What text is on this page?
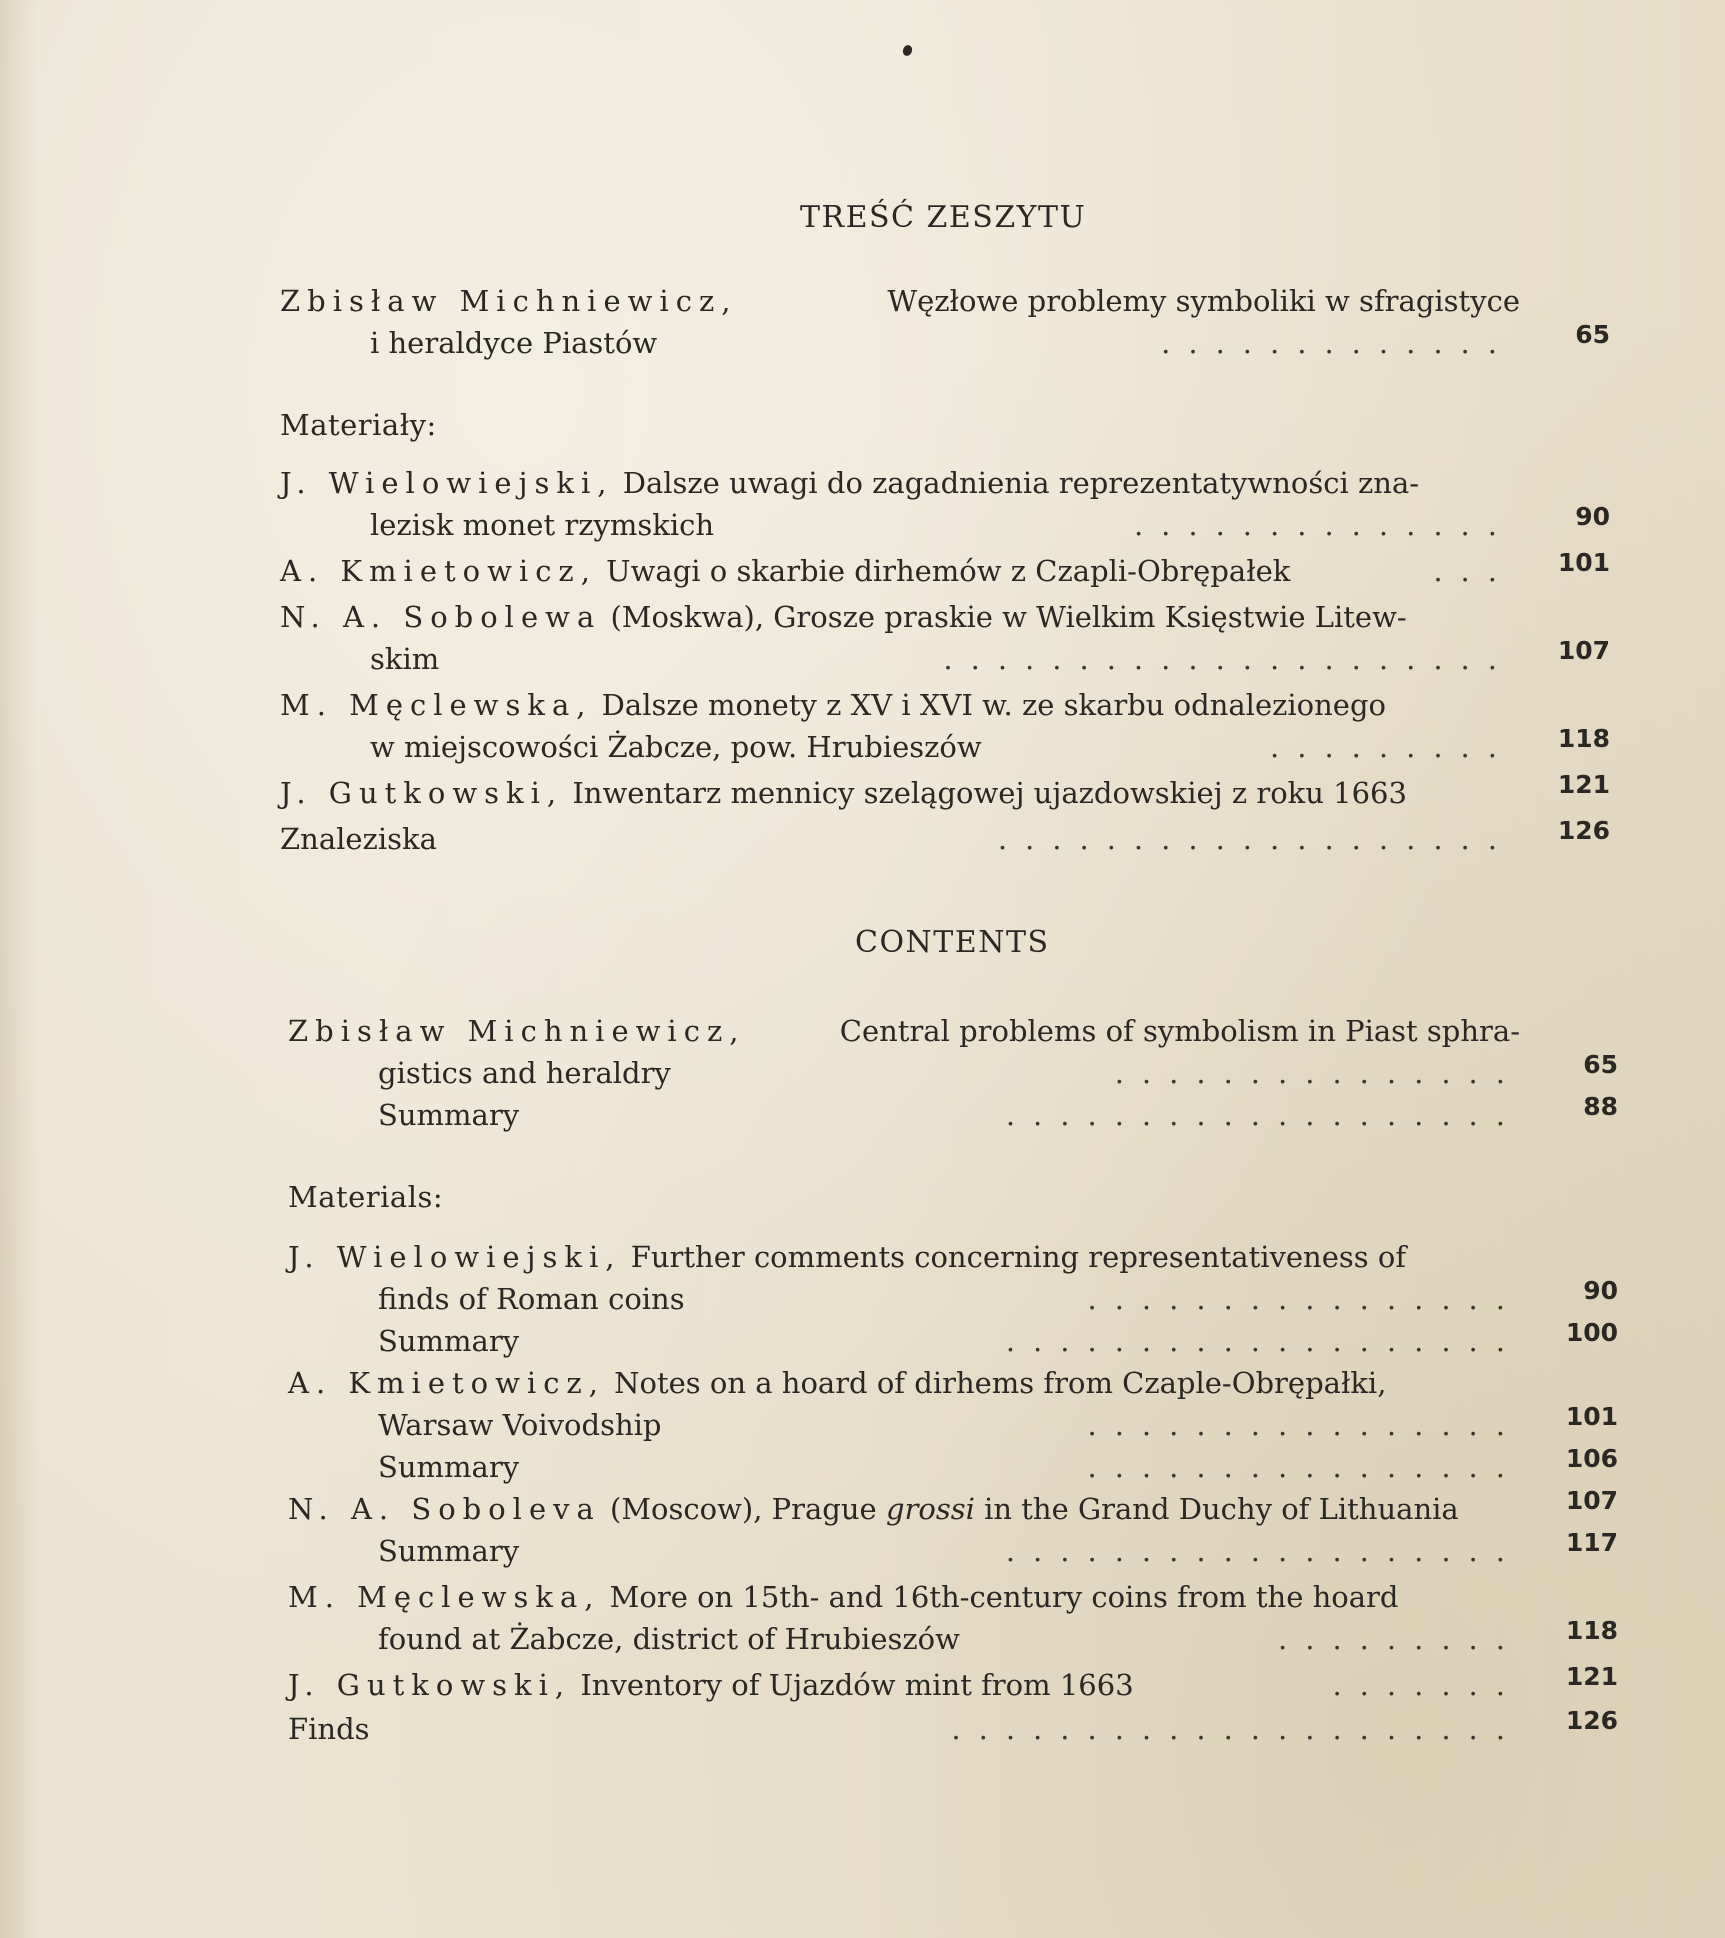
TREŚĆ ZESZYTU
Zbisław Michniewicz,	Węzłowe problemy symboliki w sfragistyce
i heraldyce Piastów	.............	65
Materiały:
J. Wielowiejski, Dalsze uwagi do zagadnienia reprezentatywności zna-
lezisk monet rzymskich	..............	90
A. Kmietowicz, Uwagi o skarbie dirhemów z Czapli-Obrępałek	...	101
N. A. Sobolewa (Moskwa), Grosze praskie w Wielkim Księstwie Litew-
skim	.....................	107
M. Męclewska, Dalsze monety z XV i XVI w. ze skarbu odnalezionego
w miejscowości Żabcze, pow. Hrubieszów	.........	118
J. Gutkowski, Inwentarz mennicy szelągowej ujazdowskiej z roku 1663	121
Znaleziska	...................	126
CONTENTS
Zbisław Michniewicz,	Central problems of symbolism in Piast sphra-
gistics and heraldry	...............	65
Summary	...................	88
Materials:
J. Wielowiejski, Further comments concerning representativeness of
finds of Roman coins	................	90
Summary	...................	100
A. Kmietowicz, Notes on a hoard of dirhems from Czaple-Obrępałki,
Warsaw Voivodship	................	101
Summary	................	106
N. A. Soboleva (Moscow), Prague grossi in the Grand Duchy of Lithuania	107
Summary	...................	117
M. Męclewska, More on 15th- and 16th-century coins from the hoard
found at Żabcze, district of Hrubieszów	.........	118
J. Gutkowski, Inventory of Ujazdów mint from 1663	.......	121
Finds	.....................	126
